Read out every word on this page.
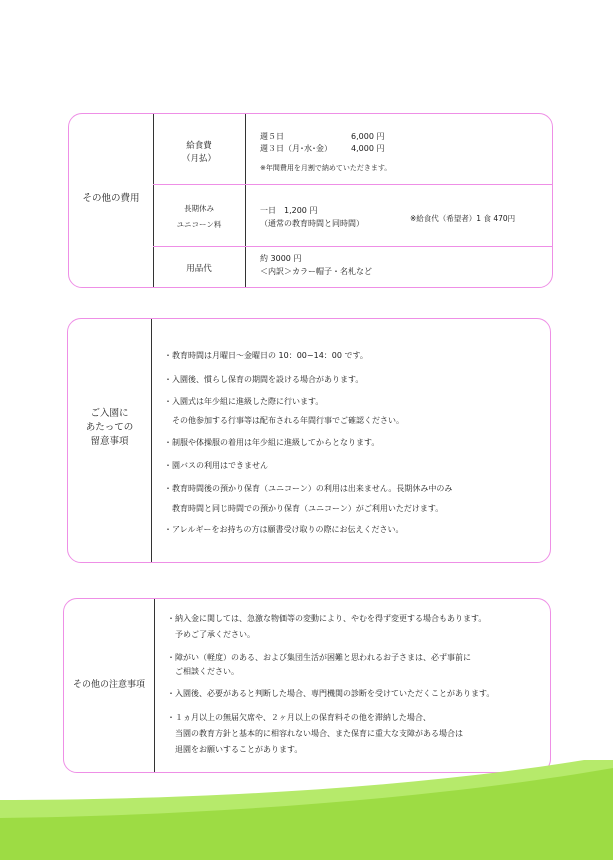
その他の費用
給食費
（月払）
週５日	6,000 円
週３日（月･水･金） 4,000 円
※年間費用を月割で納めていただきます。
長期休み
ユニコーン料
一日　1,200 円
（通常の教育時間と同時間）
※給食代（希望者）1 食 470円
用品代
約 3000 円
＜内訳＞カラー帽子・名札など
ご入園に
あたっての
留意事項
・教育時間は月曜日～金曜日の 10：00−14：00 です。
・入園後、慣らし保育の期間を設ける場合があります。
・入園式は年少組に進級した際に行います。
　その他参加する行事等は配布される年間行事でご確認ください。
・制服や体操服の着用は年少組に進級してからとなります。
・園バスの利用はできません
・教育時間後の預かり保育（ユニコーン）の利用は出来ません。長期休み中のみ
　教育時間と同じ時間での預かり保育（ユニコーン）がご利用いただけます。
・アレルギーをお持ちの方は願書受け取りの際にお伝えください。
その他の注意事項
・納入金に関しては、急激な物価等の変動により、やむを得ず変更する場合もあります。
　予めご了承ください。
・障がい（軽度）のある、および集団生活が困難と思われるお子さまは、必ず事前に
　ご相談ください。
・入園後、必要があると判断した場合、専門機関の診断を受けていただくことがあります。
・１ヵ月以上の無届欠席や、２ヶ月以上の保育料その他を滞納した場合、
　当園の教育方針と基本的に相容れない場合、また保育に重大な支障がある場合は
　退園をお願いすることがあります。
